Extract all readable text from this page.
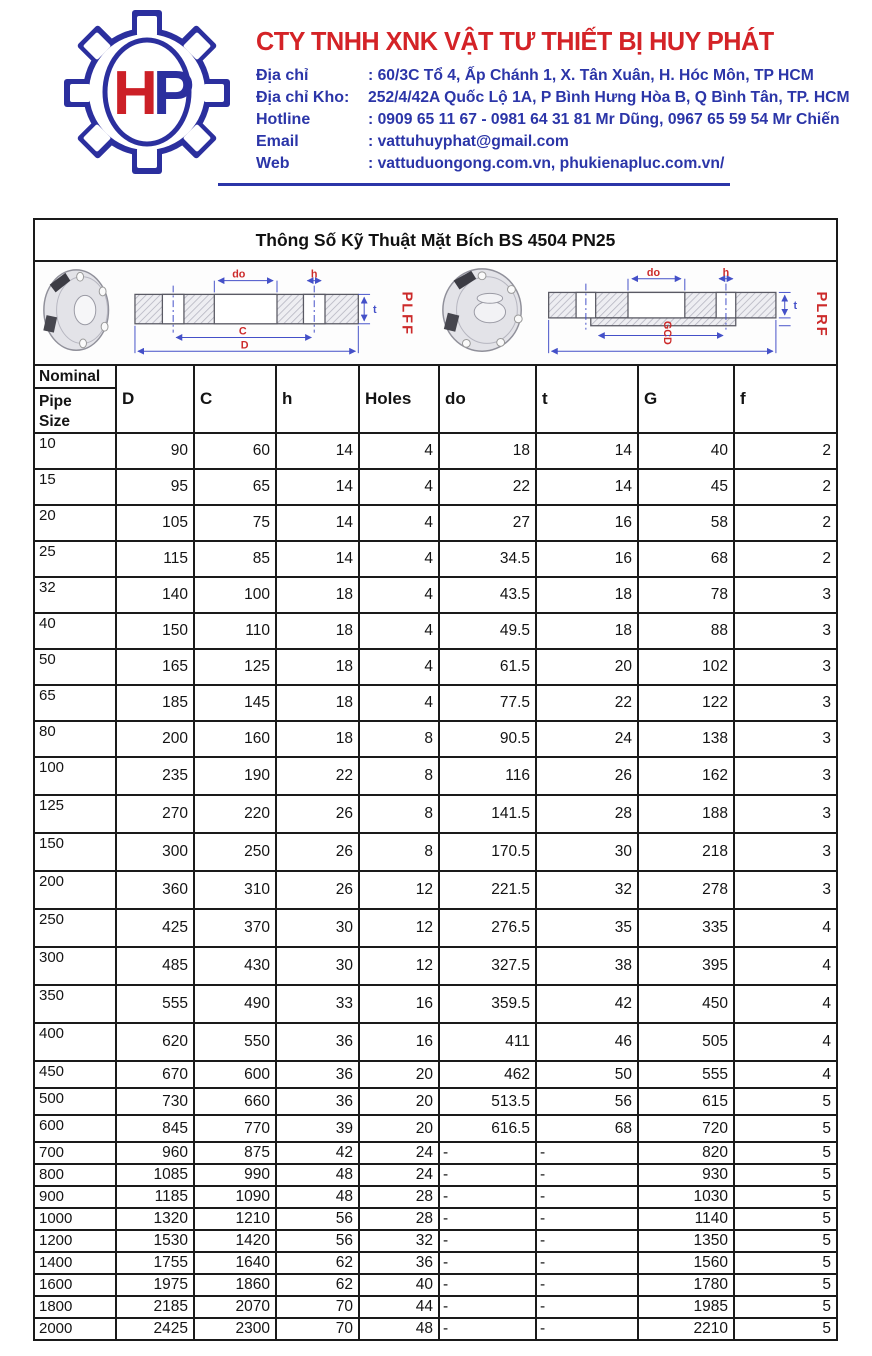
H
P
CTY TNHH XNK VẬT TƯ THIẾT BỊ HUY PHÁT
Địa chỉ	: 60/3C Tổ 4, Ấp Chánh 1, X. Tân Xuân, H. Hóc Môn, TP HCM
Địa chỉ Kho:	252/4/42A Quốc Lộ 1A, P Bình Hưng Hòa B, Q Bình Tân, TP. HCM
Hotline	: 0909 65 11 67 - 0981 64 31 81 Mr Dũng, 0967 65 59 54 Mr Chiến
Email	: vattuhuyphat@gmail.com
Web	: vattuduongong.com.vn, phukienapluc.com.vn/
Thông Số Kỹ Thuật Mặt Bích BS 4504 PN25
do	h
t
C
D
PLFF
do	h
t
GCD	PLRF
Nominal
Pipe
Size	D	C	h	Holes	do	t	G	f
10	90	60	14	4	18	14	40	2
15	95	65	14	4	22	14	45	2
20	105	75	14	4	27	16	58	2
25	115	85	14	4	34.5	16	68	2
32	140	100	18	4	43.5	18	78	3
40	150	110	18	4	49.5	18	88	3
50	165	125	18	4	61.5	20	102	3
65	185	145	18	4	77.5	22	122	3
80	200	160	18	8	90.5	24	138	3
100	235	190	22	8	116	26	162	3
125	270	220	26	8	141.5	28	188	3
150	300	250	26	8	170.5	30	218	3
200	360	310	26	12	221.5	32	278	3
250	425	370	30	12	276.5	35	335	4
300	485	430	30	12	327.5	38	395	4
350	555	490	33	16	359.5	42	450	4
400	620	550	36	16	411	46	505	4
450	670	600	36	20	462	50	555	4
500	730	660	36	20	513.5	56	615	5
600	845	770	39	20	616.5	68	720	5
700	960	875	42	24	-	-	820	5
800	1085	990	48	24	-	-	930	5
900	1185	1090	48	28	-	-	1030	5
1000	1320	1210	56	28	-	-	1140	5
1200	1530	1420	56	32	-	-	1350	5
1400	1755	1640	62	36	-	-	1560	5
1600	1975	1860	62	40	-	-	1780	5
1800	2185	2070	70	44	-	-	1985	5
2000	2425	2300	70	48	-	-	2210	5
